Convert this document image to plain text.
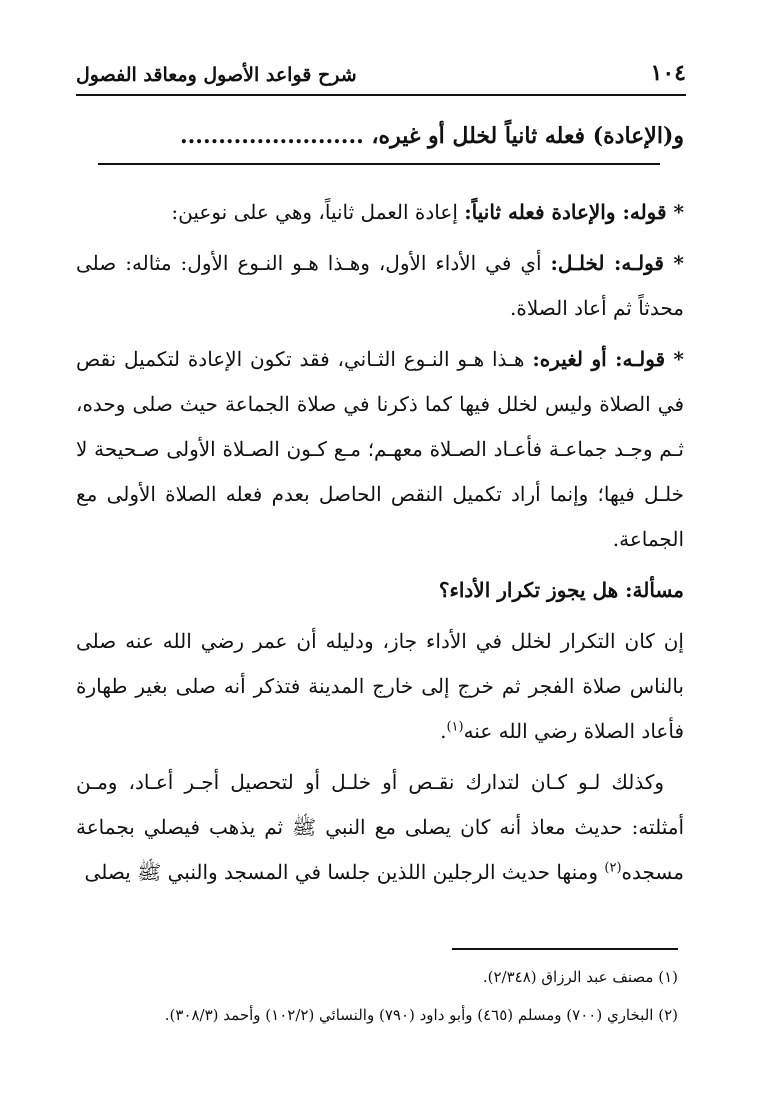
١٠٤
شرح قواعد الأصول ومعاقد الفصول
و(الإعادة) فعله ثانياً لخلل أو غيره، ........................

* قوله: والإعادة فعله ثانياً: إعادة العمل ثانياً، وهي على نوعين:

* قولـه: لخلـل: أي في الأداء الأول، وهـذا هـو النـوع الأول: مثاله: صلى محدثاً ثم أعاد الصلاة.

* قولـه: أو لغيره: هـذا هـو النـوع الثـاني، فقد تكون الإعادة لتكميل نقص في الصلاة وليس لخلل فيها كما ذكرنا في صلاة الجماعة حيث صلى وحده، ثـم وجـد جماعـة فأعـاد الصـلاة معهـم؛ مـع كـون الصـلاة الأولى صـحيحة لا خلـل فيها؛ وإنما أراد تكميل النقص الحاصل بعدم فعله الصلاة الأولى مع الجماعة.

مسألة: هل يجوز تكرار الأداء؟

إن كان التكرار لخلل في الأداء جاز، ودليله أن عمر رضي الله عنه صلى بالناس صلاة الفجر ثم خرج إلى خارج المدينة فتذكر أنه صلى بغير طهارة فأعاد الصلاة رضي الله عنه$^{(١)}$.

وكذلك لـو كـان لتدارك نقـص أو خلـل أو لتحصيل أجـر أعـاد، ومـن أمثلته: حديث معاذ أنه كان يصلى مع النبي ﷺ ثم يذهب فيصلي بجماعة مسجده$^{(٢)}$ ومنها حديث الرجلين اللذين جلسا في المسجد والنبي ﷺ يصلى

(١) مصنف عبد الرزاق (٢/٣٤٨).

(٢) البخاري (٧٠٠) ومسلم (٤٦٥) وأبو داود (٧٩٠) والنسائي (١٠٢/٢) وأحمد (٣٠٨/٣).
